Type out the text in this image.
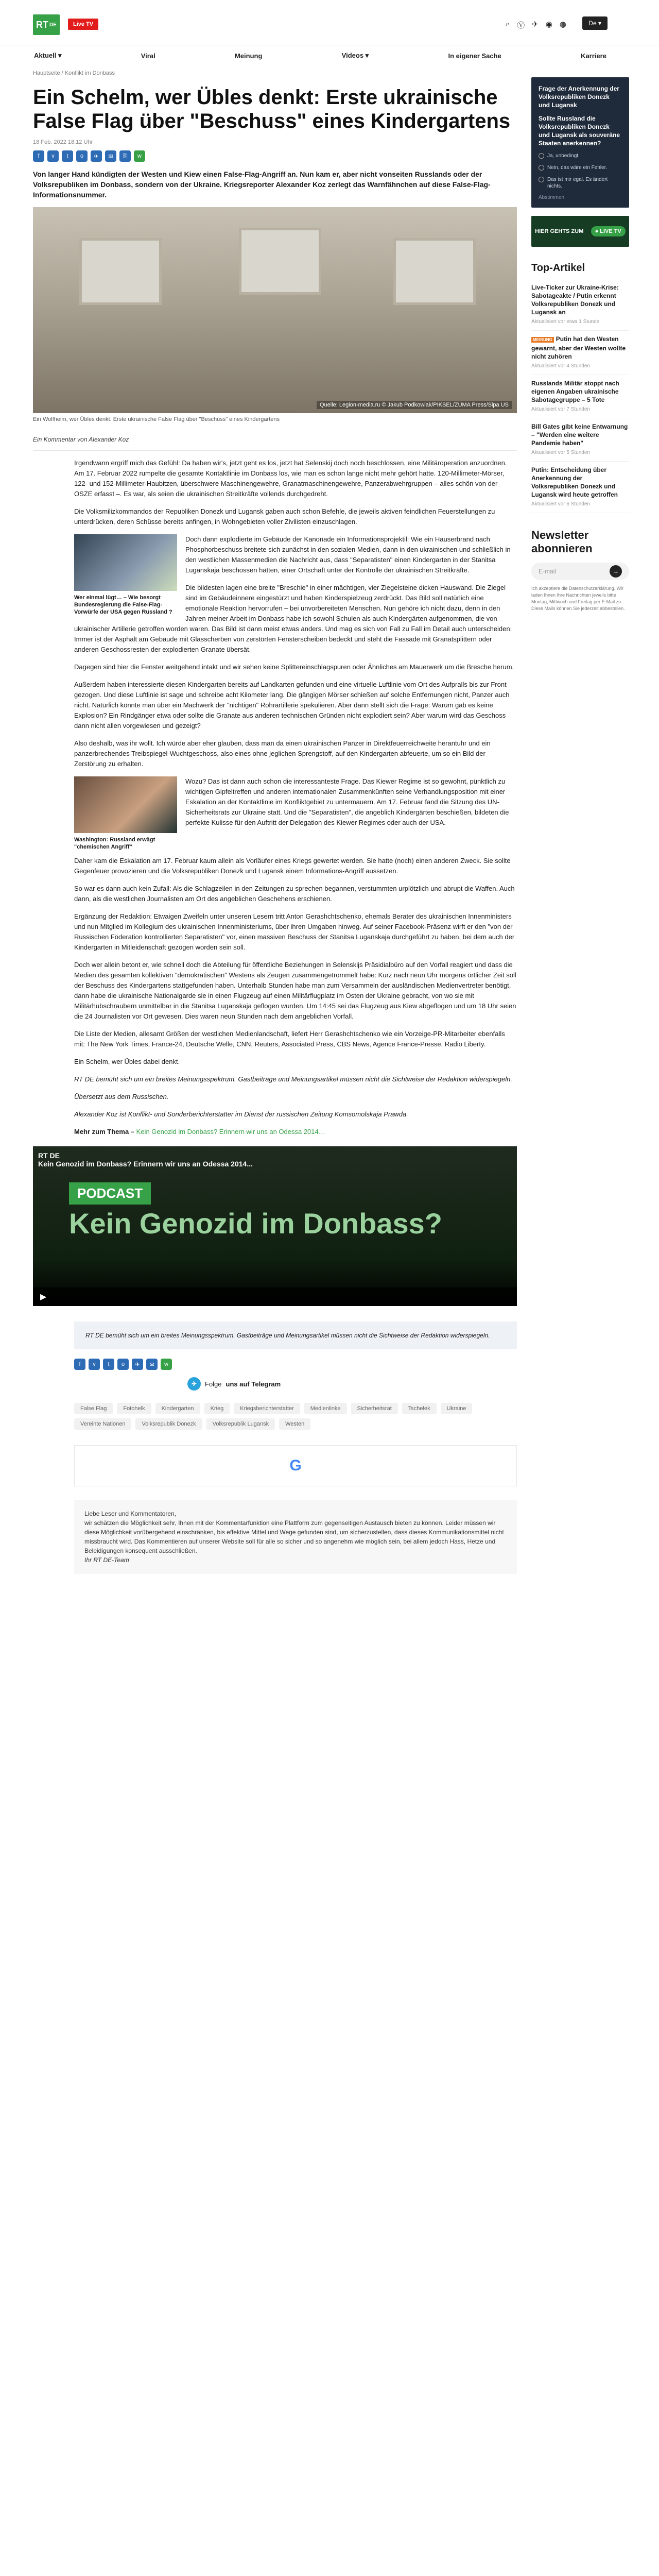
RT DE	Live TV	⌕ Ⓥ ✈ ◉ ◍	De ▾
Aktuell ▾	Viral	Meinung	Videos ▾	In eigener Sache	Karriere
Hauptseite / Konflikt im Donbass
Ein Schelm, wer Übles denkt: Erste ukrainische False Flag über "Beschuss" eines Kindergartens
18 Feb. 2022 18:12 Uhr
f	v	t	o	✈	✉	⎘	w

Von langer Hand kündigten der Westen und Kiew einen False-Flag-Angriff an. Nun kam er, aber nicht vonseiten Russlands oder der Volksrepubliken im Donbass, sondern von der Ukraine. Kriegsreporter Alexander Koz zerlegt das Warnfähnchen auf diese False-Flag-Informationsnummer.

Quelle: Legion-media.ru © Jakub Podkowiak/PIKSEL/ZUMA Press/Sipa US
Ein Wolfheim, wer Übles denkt: Erste ukrainische False Flag über "Beschuss" eines Kindergartens
Ein Kommentar von Alexander Koz

Irgendwann ergriff mich das Gefühl: Da haben wir's, jetzt geht es los, jetzt hat Selenskij doch noch beschlossen, eine Militäroperation anzuordnen. Am 17. Februar 2022 rumpelte die gesamte Kontaktlinie im Donbass los, wie man es schon lange nicht mehr gehört hatte. 120-Millimeter-Mörser, 122- und 152-Millimeter-Haubitzen, überschwere Maschinengewehre, Granatmaschinengewehre, Panzerabwehrgruppen – alles schön von der OSZE erfasst –. Es war, als seien die ukrainischen Streitkräfte vollends durchgedreht.

Die Volksmilizkommandos der Republiken Donezk und Lugansk gaben auch schon Befehle, die jeweils aktiven feindlichen Feuerstellungen zu unterdrücken, deren Schüsse bereits anfingen, in Wohngebieten voller Zivilisten einzuschlagen.

Wer einmal lügt… – Wie besorgt Bundesregierung die False-Flag-Vorwürfe der USA gegen Russland ?

Doch dann explodierte im Gebäude der Kanonade ein Informationsprojektil: Wie ein Hauserbrand nach Phosphorbeschuss breitete sich zunächst in den sozialen Medien, dann in den ukrainischen und schließlich in den westlichen Massenmedien die Nachricht aus, dass "Separatisten" einen Kindergarten in der Stanitsa Luganskaja beschossen hätten, einer Ortschaft unter der Kontrolle der ukrainischen Streitkräfte.

Die bildesten lagen eine breite "Breschie" in einer mächtigen, vier Ziegelsteine dicken Hauswand. Die Ziegel sind im Gebäudeinnere eingestürzt und haben Kinderspielzeug zerdrückt. Das Bild soll natürlich eine emotionale Reaktion hervorrufen – bei unvorbereiteten Menschen. Nun gehöre ich nicht dazu, denn in den Jahren meiner Arbeit im Donbass habe ich sowohl Schulen als auch Kindergärten aufgenommen, die von ukrainischer Artillerie getroffen worden waren. Das Bild ist dann meist etwas anders. Und mag es sich von Fall zu Fall im Detail auch unterscheiden: Immer ist der Asphalt am Gebäude mit Glasscherben von zerstörten Fensterscheiben bedeckt und steht die Fassade mit Granatsplittern oder anderen Geschossresten der explodierten Granate übersät.

Dagegen sind hier die Fenster weitgehend intakt und wir sehen keine Splittereinschlagspuren oder Ähnliches am Mauerwerk um die Bresche herum.

Außerdem haben interessierte diesen Kindergarten bereits auf Landkarten gefunden und eine virtuelle Luftlinie vom Ort des Aufpralls bis zur Front gezogen. Und diese Luftlinie ist sage und schreibe acht Kilometer lang. Die gängigen Mörser schießen auf solche Entfernungen nicht, Panzer auch nicht. Natürlich könnte man über ein Machwerk der "nichtigen" Rohrartillerie spekulieren. Aber dann stellt sich die Frage: Warum gab es keine Explosion? Ein Rindgänger etwa oder sollte die Granate aus anderen technischen Gründen nicht explodiert sein? Aber warum wird das Geschoss dann nicht allen vorgewiesen und gezeigt?

Also deshalb, was ihr wollt. Ich würde aber eher glauben, dass man da einen ukrainischen Panzer in Direktfeuerreichweite herantuhr und ein panzerbrechendes Treibspiegel-Wuchtgeschoss, also eines ohne jeglichen Sprengstoff, auf den Kindergarten abfeuerte, um so ein Bild der Zerstörung zu erhalten.

Washington: Russland erwägt "chemischen Angriff"

Wozu? Das ist dann auch schon die interessanteste Frage. Das Kiewer Regime ist so gewohnt, pünktlich zu wichtigen Gipfeltreffen und anderen internationalen Zusammenkünften seine Verhandlungsposition mit einer Eskalation an der Kontaktlinie im Konfliktgebiet zu untermauern. Am 17. Februar fand die Sitzung des UN-Sicherheitsrats zur Ukraine statt. Und die "Separatisten", die angeblich Kindergärten beschießen, bildeten die perfekte Kulisse für den Auftritt der Delegation des Kiewer Regimes oder auch der USA.

Daher kam die Eskalation am 17. Februar kaum allein als Vorläufer eines Kriegs gewertet werden. Sie hatte (noch) einen anderen Zweck. Sie sollte Gegenfeuer provozieren und die Volksrepubliken Donezk und Lugansk einem Informations-Angriff aussetzen.

So war es dann auch kein Zufall: Als die Schlagzeilen in den Zeitungen zu sprechen begannen, verstummten urplötzlich und abrupt die Waffen. Auch dann, als die westlichen Journalisten am Ort des angeblichen Geschehens erschienen.

Ergänzung der Redaktion: Etwaigen Zweifeln unter unseren Lesern tritt Anton Gerashchtschenko, ehemals Berater des ukrainischen Innenministers und nun Mitglied im Kollegium des ukrainischen Innenministeriums, über ihren Umgaben hinweg. Auf seiner Facebook-Präsenz wirft er den "von der Russischen Föderation kontrollierten Separatisten" vor, einen massiven Beschuss der Stanitsa Luganskaja durchgeführt zu haben, bei dem auch der Kindergarten in Mitleidenschaft gezogen worden sein soll.

Doch wer allein betont er, wie schnell doch die Abteilung für öffentliche Beziehungen in Selenskijs Präsidialbüro auf den Vorfall reagiert und dass die Medien des gesamten kollektiven "demokratischen" Westens als Zeugen zusammengetrommelt habe: Kurz nach neun Uhr morgens örtlicher Zeit soll der Beschuss des Kindergartens stattgefunden haben. Unterhalb Stunden habe man zum Versammeln der ausländischen Medienvertreter benötigt, dann habe die ukrainische Nationalgarde sie in einen Flugzeug auf einen Militärflugplatz im Osten der Ukraine gebracht, von wo sie mit Militärhubschraubern unmittelbar in die Stanitsa Luganskaja geflogen wurden. Um 14:45 sei das Flugzeug aus Kiew abgeflogen und um 18 Uhr seien die 24 Journalisten vor Ort gewesen. Dies waren neun Stunden nach dem angeblichen Vorfall.

Die Liste der Medien, allesamt Größen der westlichen Medienlandschaft, liefert Herr Gerashchtschenko wie ein Vorzeige-PR-Mitarbeiter ebenfalls mit: The New York Times, France-24, Deutsche Welle, CNN, Reuters, Associated Press, CBS News, Agence France-Presse, Radio Liberty.

Ein Schelm, wer Übles dabei denkt.

RT DE bemüht sich um ein breites Meinungsspektrum. Gastbeiträge und Meinungsartikel müssen nicht die Sichtweise der Redaktion widerspiegeln.

Übersetzt aus dem Russischen.

Alexander Koz ist Konflikt- und Sonderberichterstatter im Dienst der russischen Zeitung Komsomolskaja Prawda.

Mehr zum Thema – Kein Genozid im Donbass? Erinnern wir uns an Odessa 2014…

RT DE
Kein Genozid im Donbass? Erinnern wir uns an Odessa 2014...
PODCAST
Kein Genozid im Donbass?
▶
RT DE bemüht sich um ein breites Meinungsspektrum. Gastbeiträge und Meinungsartikel müssen nicht die Sichtweise der Redaktion widerspiegeln.
f	v	t	o	✈	✉	w
✈	Folge uns auf Telegram
False Flag	Fotohelk	Kindergarten	Krieg	Kriegsberichterstatter	Medienlinke	Sicherheitsrat	Tschelek	Ukraine
Vereinte Nationen	Volksrepublik Donezk	Volksrepublik Lugansk	Westen
G
Liebe Leser und Kommentatoren,
wir schätzen die Möglichkeit sehr, Ihnen mit der Kommentarfunktion eine Plattform zum gegenseitigen Austausch bieten zu können. Leider müssen wir diese Möglichkeit vorübergehend einschränken, bis effektive Mittel und Wege gefunden sind, um sicherzustellen, dass dieses Kommunikationsmittel nicht missbraucht wird. Das Kommentieren auf unserer Website soll für alle so sicher und so angenehm wie möglich sein, bei allem jedoch Hass, Hetze und Beleidigungen konsequent ausschließen.
Ihr RT DE-Team
Frage der Anerkennung der Volksrepubliken Donezk und Lugansk
Sollte Russland die Volksrepubliken Donezk und Lugansk als souveräne Staaten anerkennen?
Ja, unbedingt.
Nein, das wäre ein Fehler.
Das ist mir egal. Es ändert nichts.
Abstimmen
HIER GEHTS ZUM	● LIVE TV
Top-Artikel
Live-Ticker zur Ukraine-Krise: Sabotageakte / Putin erkennt Volksrepubliken Donezk und Lugansk an
Aktualisiert vor etwa 1 Stunde
MEINUNG Putin hat den Westen gewarnt, aber der Westen wollte nicht zuhören
Aktualisiert vor 4 Stunden
Russlands Militär stoppt nach eigenen Angaben ukrainische Sabotagegruppe – 5 Tote
Aktualisiert vor 7 Stunden
Bill Gates gibt keine Entwarnung – "Werden eine weitere Pandemie haben"
Aktualisiert vor 5 Stunden
Putin: Entscheidung über Anerkennung der Volksrepubliken Donezk und Lugansk wird heute getroffen
Aktualisiert vor 6 Stunden
Newsletter abonnieren
E-mail	→
Ich akzeptiere die Datenschutzerklärung. Wir laden Ihnen Ihre Nachrichten jeweils bitte Montag, Mittwoch und Freitag per E-Mail zu. Diese Mails können Sie jederzeit abbestellen.
